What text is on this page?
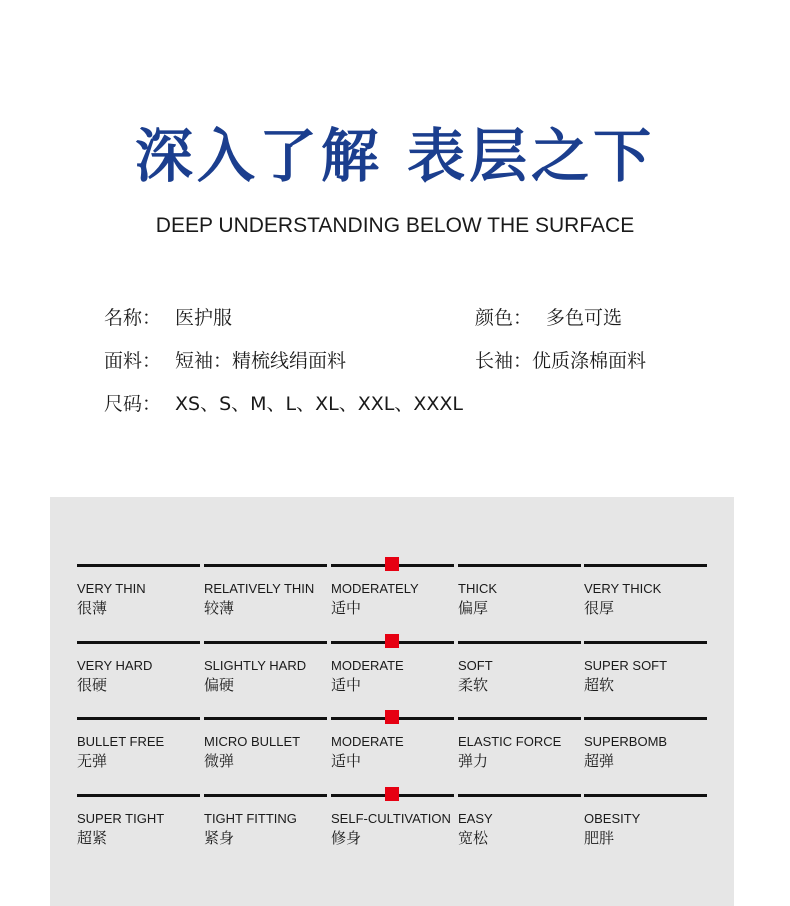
深入了解 表层之下
DEEP UNDERSTANDING BELOW THE SURFACE
名称： 医护服	颜色： 多色可选
面料： 短袖：精梳线绢面料	长袖：优质涤棉面料
尺码： XS、S、M、L、XL、XXL、XXXL
VERY THIN
很薄
RELATIVELY THIN
较薄
MODERATELY
适中
THICK
偏厚
VERY THICK
很厚
VERY HARD
很硬
SLIGHTLY HARD
偏硬
MODERATE
适中
SOFT
柔软
SUPER SOFT
超软
BULLET FREE
无弹
MICRO BULLET
微弹
MODERATE
适中
ELASTIC FORCE
弹力
SUPERBOMB
超弹
SUPER TIGHT
超紧
TIGHT FITTING
紧身
SELF-CULTIVATION
修身
EASY
宽松
OBESITY
肥胖
